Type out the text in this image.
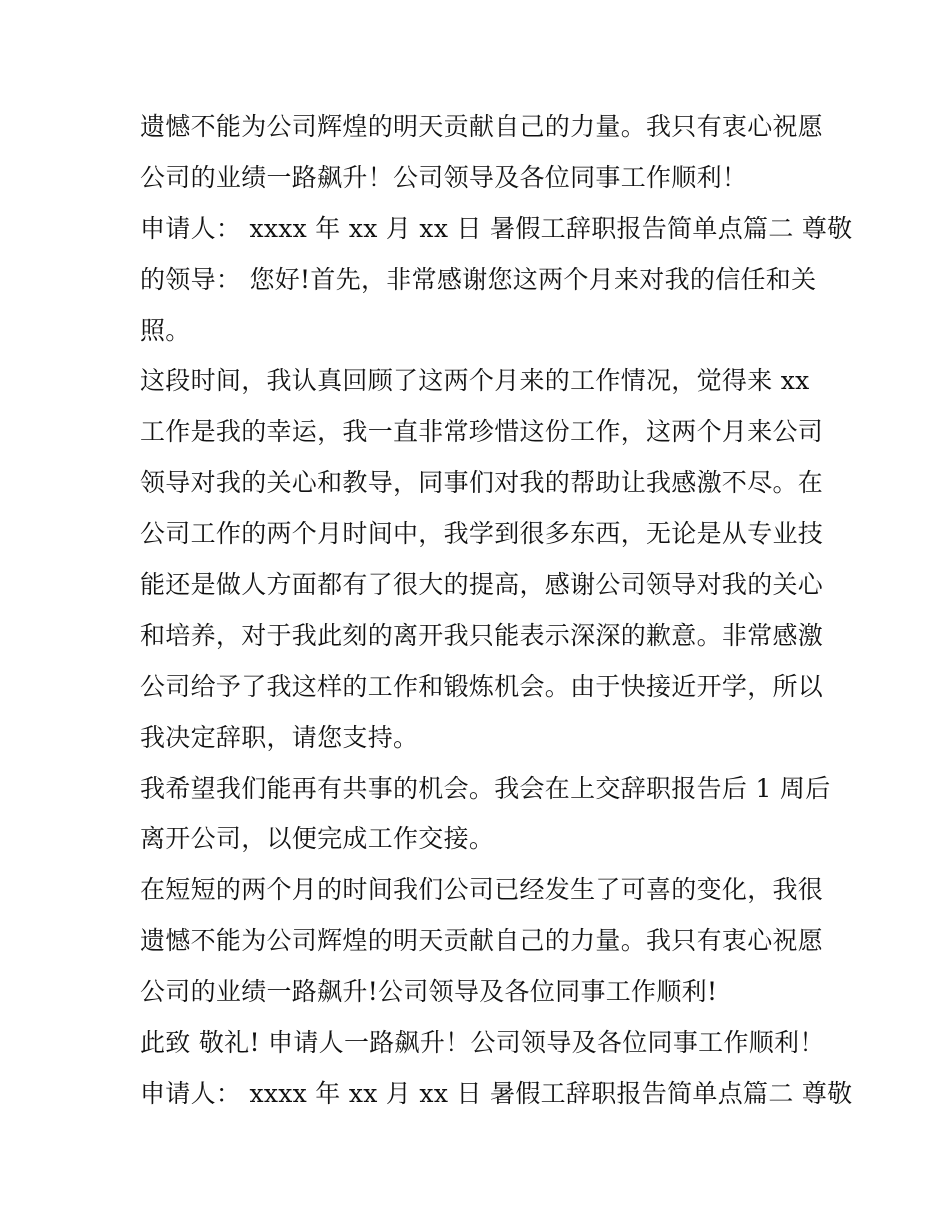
遗憾不能为公司辉煌的明天贡献自己的力量。我只有衷心祝愿
公司的业绩一路飙升！公司领导及各位同事工作顺利！
申请人： xxxx 年 xx 月 xx 日 暑假工辞职报告简单点篇二 尊敬
的领导： 您好!首先，非常感谢您这两个月来对我的信任和关
照。
这段时间，我认真回顾了这两个月来的工作情况，觉得来 xx
工作是我的幸运，我一直非常珍惜这份工作，这两个月来公司
领导对我的关心和教导，同事们对我的帮助让我感激不尽。在
公司工作的两个月时间中，我学到很多东西，无论是从专业技
能还是做人方面都有了很大的提高，感谢公司领导对我的关心
和培养，对于我此刻的离开我只能表示深深的歉意。非常感激
公司给予了我这样的工作和锻炼机会。由于快接近开学，所以
我决定辞职，请您支持。
我希望我们能再有共事的机会。我会在上交辞职报告后 1 周后
离开公司，以便完成工作交接。
在短短的两个月的时间我们公司已经发生了可喜的变化，我很
遗憾不能为公司辉煌的明天贡献自己的力量。我只有衷心祝愿
公司的业绩一路飙升!公司领导及各位同事工作顺利!
此致 敬礼! 申请人一路飙升！公司领导及各位同事工作顺利！
申请人： xxxx 年 xx 月 xx 日 暑假工辞职报告简单点篇二 尊敬
